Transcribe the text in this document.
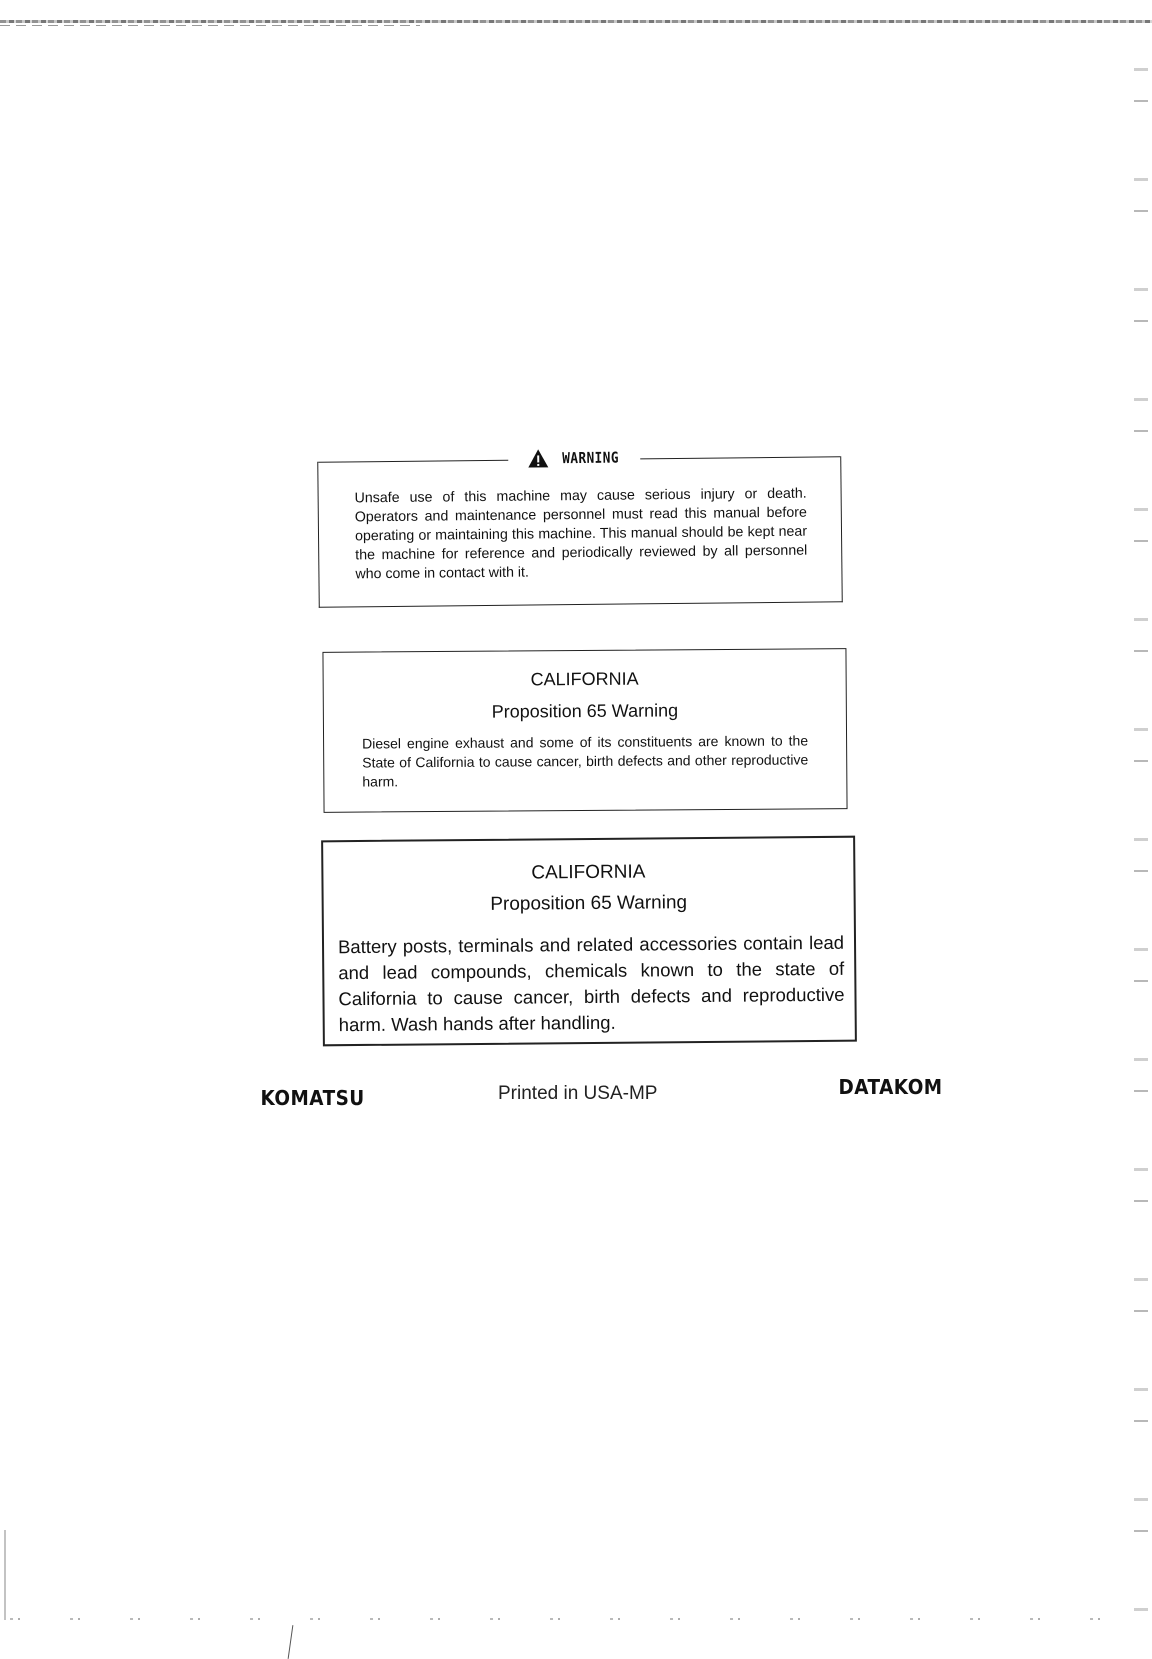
WARNING
Unsafe use of this machine may cause serious injury or death. Operators and maintenance personnel must read this manual before operating or maintaining this machine. This manual should be kept near the machine for reference and periodically reviewed by all personnel who come in contact with it.
CALIFORNIA
Proposition 65 Warning
Diesel engine exhaust and some of its constituents are known to the State of California to cause cancer, birth defects and other reproductive harm.
CALIFORNIA
Proposition 65 Warning
Battery posts, terminals and related accessories contain lead and lead compounds, chemicals known to the state of California to cause cancer, birth defects and reproductive harm. Wash hands after handling.
KOMATSU	Printed in USA-MP	DATAKOM
